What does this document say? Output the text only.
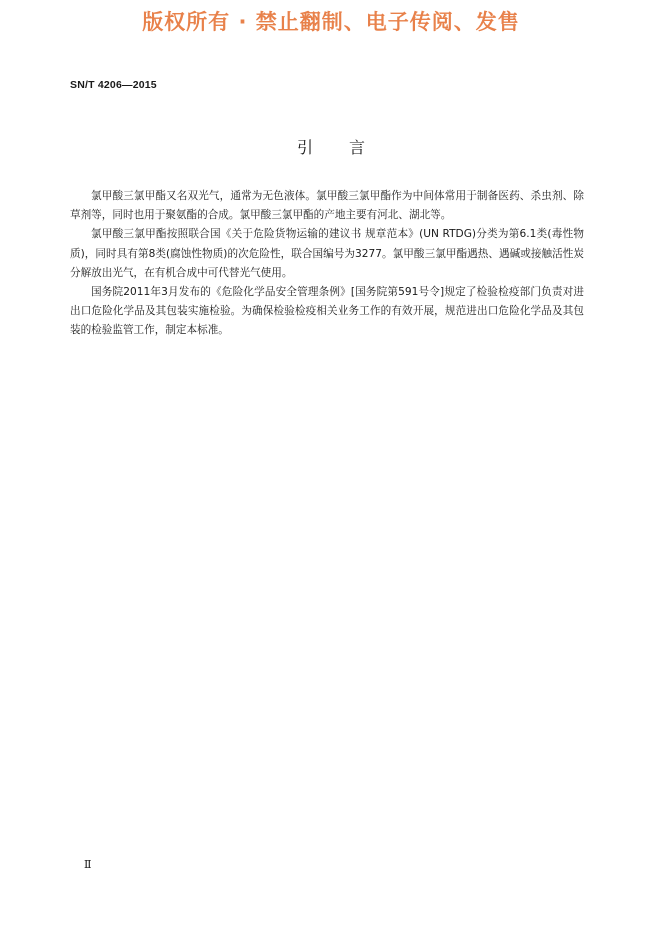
版权所有 · 禁止翻制、电子传阅、发售
SN/T 4206—2015
引言

氯甲酸三氯甲酯又名双光气，通常为无色液体。氯甲酸三氯甲酯作为中间体常用于制备医药、杀虫剂、除草剂等，同时也用于聚氨酯的合成。氯甲酸三氯甲酯的产地主要有河北、湖北等。

氯甲酸三氯甲酯按照联合国《关于危险货物运输的建议书 规章范本》(UN RTDG)分类为第6.1类(毒性物质)，同时具有第8类(腐蚀性物质)的次危险性，联合国编号为3277。氯甲酸三氯甲酯遇热、遇碱或接触活性炭分解放出光气，在有机合成中可代替光气使用。

国务院2011年3月发布的《危险化学品安全管理条例》[国务院第591号令]规定了检验检疫部门负责对进出口危险化学品及其包装实施检验。为确保检验检疫相关业务工作的有效开展，规范进出口危险化学品及其包装的检验监管工作，制定本标准。

Ⅱ
